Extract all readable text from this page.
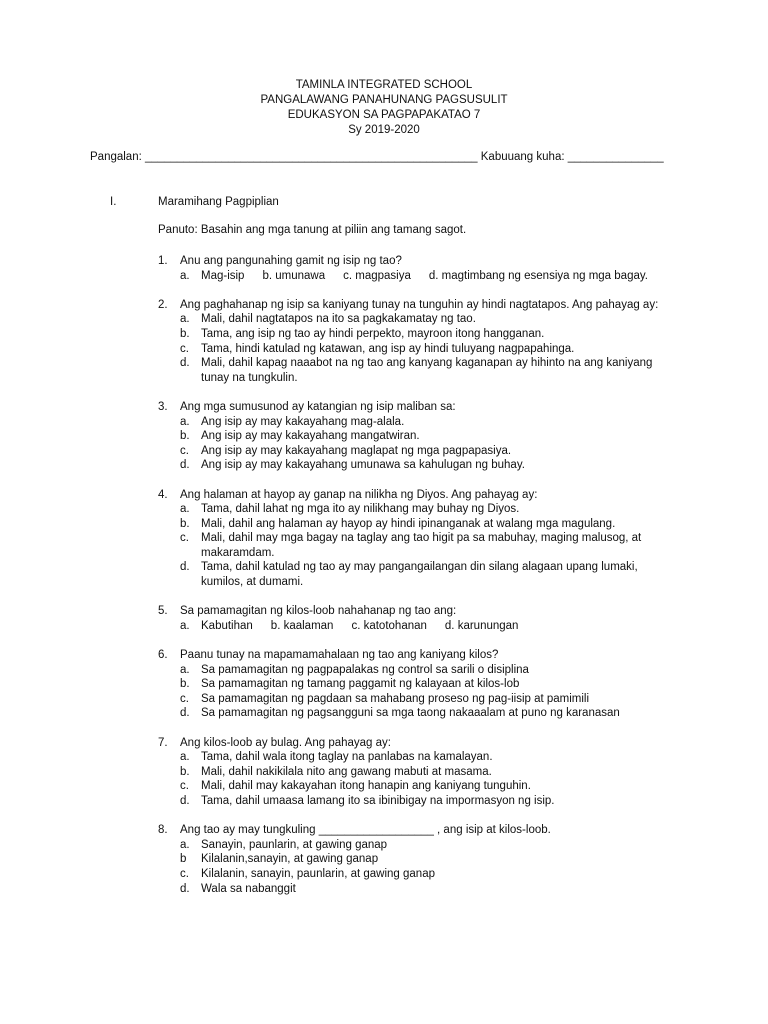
TAMINLA INTEGRATED SCHOOL
PANGALAWANG PANAHUNANG PAGSUSULIT
EDUKASYON SA PAGPAPAKATAO 7
Sy 2019-2020
Pangalan: ____________________________________________________ Kabuuang kuha: _______________
I.	Maramihang Pagpiplian
Panuto: Basahin ang mga tanung at piliin ang tamang sagot.
1. Anu ang pangunahing gamit ng isip ng tao?
a. Mag-isip b. umunawa c. magpasiya d. magtimbang ng esensiya ng mga bagay.
2. Ang paghahanap ng isip sa kaniyang tunay na tunguhin ay hindi nagtatapos. Ang pahayag ay:
a. Mali, dahil nagtatapos na ito sa pagkakamatay ng tao.
b. Tama, ang isip ng tao ay hindi perpekto, mayroon itong hangganan.
c. Tama, hindi katulad ng katawan, ang isp ay hindi tuluyang nagpapahinga.
d. Mali, dahil kapag naaabot na ng tao ang kanyang kaganapan ay hihinto na ang kaniyang tunay na tungkulin.
3. Ang mga sumusunod ay katangian ng isip maliban sa:
a. Ang isip ay may kakayahang mag-alala.
b. Ang isip ay may kakayahang mangatwiran.
c. Ang isip ay may kakayahang maglapat ng mga pagpapasiya.
d. Ang isip ay may kakayahang umunawa sa kahulugan ng buhay.
4. Ang halaman at hayop ay ganap na nilikha ng Diyos. Ang pahayag ay:
a. Tama, dahil lahat ng mga ito ay nilikhang may buhay ng Diyos.
b. Mali, dahil ang halaman ay hayop ay hindi ipinanganak at walang mga magulang.
c. Mali, dahil may mga bagay na taglay ang tao higit pa sa mabuhay, maging malusog, at makaramdam.
d. Tama, dahil katulad ng tao ay may pangangailangan din silang alagaan upang lumaki, kumilos, at dumami.
5. Sa pamamagitan ng kilos-loob nahahanap ng tao ang:
a. Kabutihan b. kaalaman c. katotohanan d. karunungan
6. Paanu tunay na mapamamahalaan ng tao ang kaniyang kilos?
a. Sa pamamagitan ng pagpapalakas ng control sa sarili o disiplina
b. Sa pamamagitan ng tamang paggamit ng kalayaan at kilos-lob
c. Sa pamamagitan ng pagdaan sa mahabang proseso ng pag-iisip at pamimili
d. Sa pamamagitan ng pagsangguni sa mga taong nakaaalam at puno ng karanasan
7. Ang kilos-loob ay bulag. Ang pahayag ay:
a. Tama, dahil wala itong taglay na panlabas na kamalayan.
b. Mali, dahil nakikilala nito ang gawang mabuti at masama.
c. Mali, dahil may kakayahan itong hanapin ang kaniyang tunguhin.
d. Tama, dahil umaasa lamang ito sa ibinibigay na impormasyon ng isip.
8. Ang tao ay may tungkuling __________________ , ang isip at kilos-loob.
a. Sanayin, paunlarin, at gawing ganap
b Kilalanin,sanayin, at gawing ganap
c. Kilalanin, sanayin, paunlarin, at gawing ganap
d. Wala sa nabanggit
